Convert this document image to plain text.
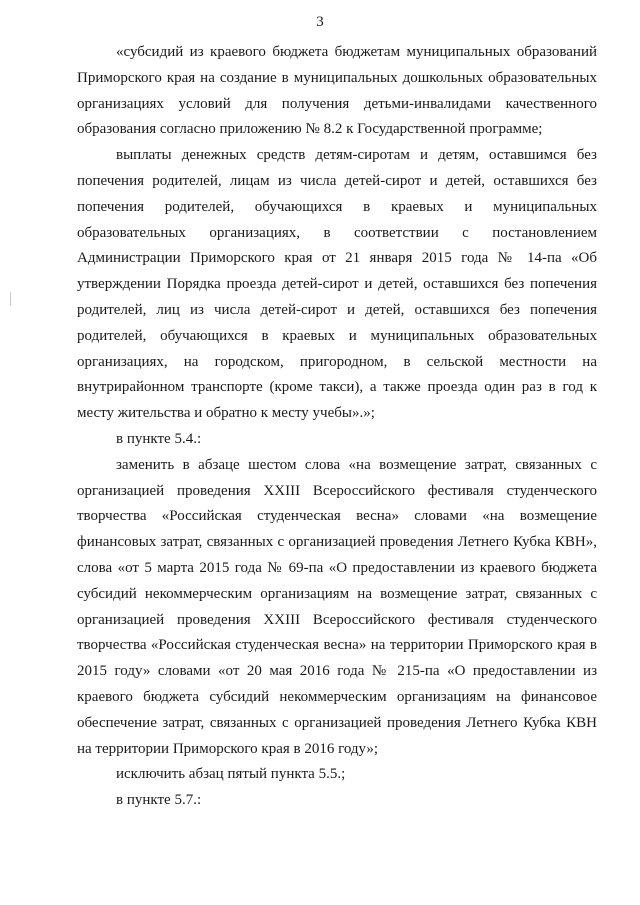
3

«субсидий из краевого бюджета бюджетам муниципальных образований Приморского края на создание в муниципальных дошкольных образовательных организациях условий для получения детьми-инвалидами качественного образования согласно приложению № 8.2 к Государственной программе;

выплаты денежных средств детям-сиротам и детям, оставшимся без попечения родителей, лицам из числа детей-сирот и детей, оставшихся без попечения родителей, обучающихся в краевых и муниципальных образовательных организациях, в соответствии с постановлением Администрации Приморского края от 21 января 2015 года № 14-па «Об утверждении Порядка проезда детей-сирот и детей, оставшихся без попечения родителей, лиц из числа детей-сирот и детей, оставшихся без попечения родителей, обучающихся в краевых и муниципальных образовательных организациях, на городском, пригородном, в сельской местности на внутрирайонном транспорте (кроме такси), а также проезда один раз в год к месту жительства и обратно к месту учебы».»;

в пункте 5.4.:

заменить в абзаце шестом слова «на возмещение затрат, связанных с организацией проведения XXIII Всероссийского фестиваля студенческого творчества «Российская студенческая весна» словами «на возмещение финансовых затрат, связанных с организацией проведения Летнего Кубка КВН», слова «от 5 марта 2015 года № 69-па «О предоставлении из краевого бюджета субсидий некоммерческим организациям на возмещение затрат, связанных с организацией проведения XXIII Всероссийского фестиваля студенческого творчества «Российская студенческая весна» на территории Приморского края в 2015 году» словами «от 20 мая 2016 года № 215-па «О предоставлении из краевого бюджета субсидий некоммерческим организациям на финансовое обеспечение затрат, связанных с организацией проведения Летнего Кубка КВН на территории Приморского края в 2016 году»;

исключить абзац пятый пункта 5.5.;

в пункте 5.7.:
